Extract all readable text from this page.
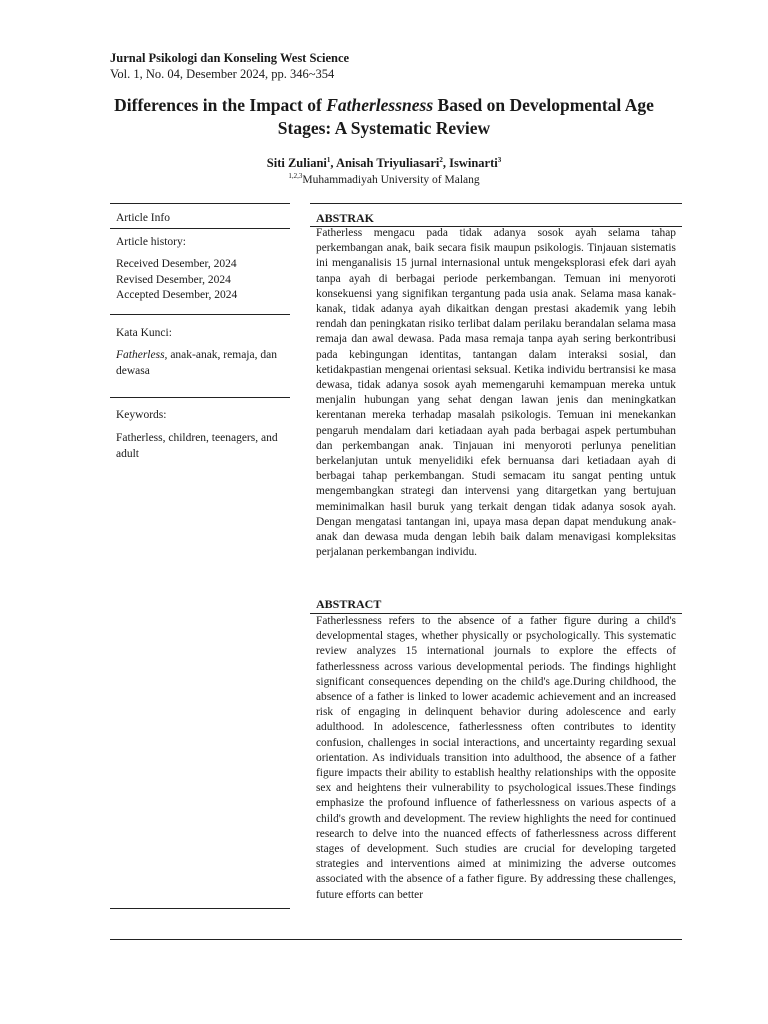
Jurnal Psikologi dan Konseling West Science
Vol. 1, No. 04, Desember 2024, pp. 346~354
Differences in the Impact of Fatherlessness Based on Developmental Age Stages: A Systematic Review
Siti Zuliani$^1$, Anisah Triyuliasari$^2$, Iswinarti$^3$
$^{1,2,3}$Muhammadiyah University of Malang
Article Info
Article history:
Received Desember, 2024
Revised Desember, 2024
Accepted Desember, 2024
Kata Kunci:
Fatherless, anak-anak, remaja, dan dewasa
Keywords:
Fatherless, children, teenagers, and adult
ABSTRAK
Fatherless mengacu pada tidak adanya sosok ayah selama tahap perkembangan anak, baik secara fisik maupun psikologis. Tinjauan sistematis ini menganalisis 15 jurnal internasional untuk mengeksplorasi efek dari ayah tanpa ayah di berbagai periode perkembangan. Temuan ini menyoroti konsekuensi yang signifikan tergantung pada usia anak. Selama masa kanak-kanak, tidak adanya ayah dikaitkan dengan prestasi akademik yang lebih rendah dan peningkatan risiko terlibat dalam perilaku berandalan selama masa remaja dan awal dewasa. Pada masa remaja tanpa ayah sering berkontribusi pada kebingungan identitas, tantangan dalam interaksi sosial, dan ketidakpastian mengenai orientasi seksual. Ketika individu bertransisi ke masa dewasa, tidak adanya sosok ayah memengaruhi kemampuan mereka untuk menjalin hubungan yang sehat dengan lawan jenis dan meningkatkan kerentanan mereka terhadap masalah psikologis. Temuan ini menekankan pengaruh mendalam dari ketiadaan ayah pada berbagai aspek pertumbuhan dan perkembangan anak. Tinjauan ini menyoroti perlunya penelitian berkelanjutan untuk menyelidiki efek bernuansa dari ketiadaan ayah di berbagai tahap perkembangan. Studi semacam itu sangat penting untuk mengembangkan strategi dan intervensi yang ditargetkan yang bertujuan meminimalkan hasil buruk yang terkait dengan tidak adanya sosok ayah. Dengan mengatasi tantangan ini, upaya masa depan dapat mendukung anak-anak dan dewasa muda dengan lebih baik dalam menavigasi kompleksitas perjalanan perkembangan individu.
ABSTRACT
Fatherlessness refers to the absence of a father figure during a child's developmental stages, whether physically or psychologically. This systematic review analyzes 15 international journals to explore the effects of fatherlessness across various developmental periods. The findings highlight significant consequences depending on the child's age.During childhood, the absence of a father is linked to lower academic achievement and an increased risk of engaging in delinquent behavior during adolescence and early adulthood. In adolescence, fatherlessness often contributes to identity confusion, challenges in social interactions, and uncertainty regarding sexual orientation. As individuals transition into adulthood, the absence of a father figure impacts their ability to establish healthy relationships with the opposite sex and heightens their vulnerability to psychological issues.These findings emphasize the profound influence of fatherlessness on various aspects of a child's growth and development. The review highlights the need for continued research to delve into the nuanced effects of fatherlessness across different stages of development. Such studies are crucial for developing targeted strategies and interventions aimed at minimizing the adverse outcomes associated with the absence of a father figure. By addressing these challenges, future efforts can better
